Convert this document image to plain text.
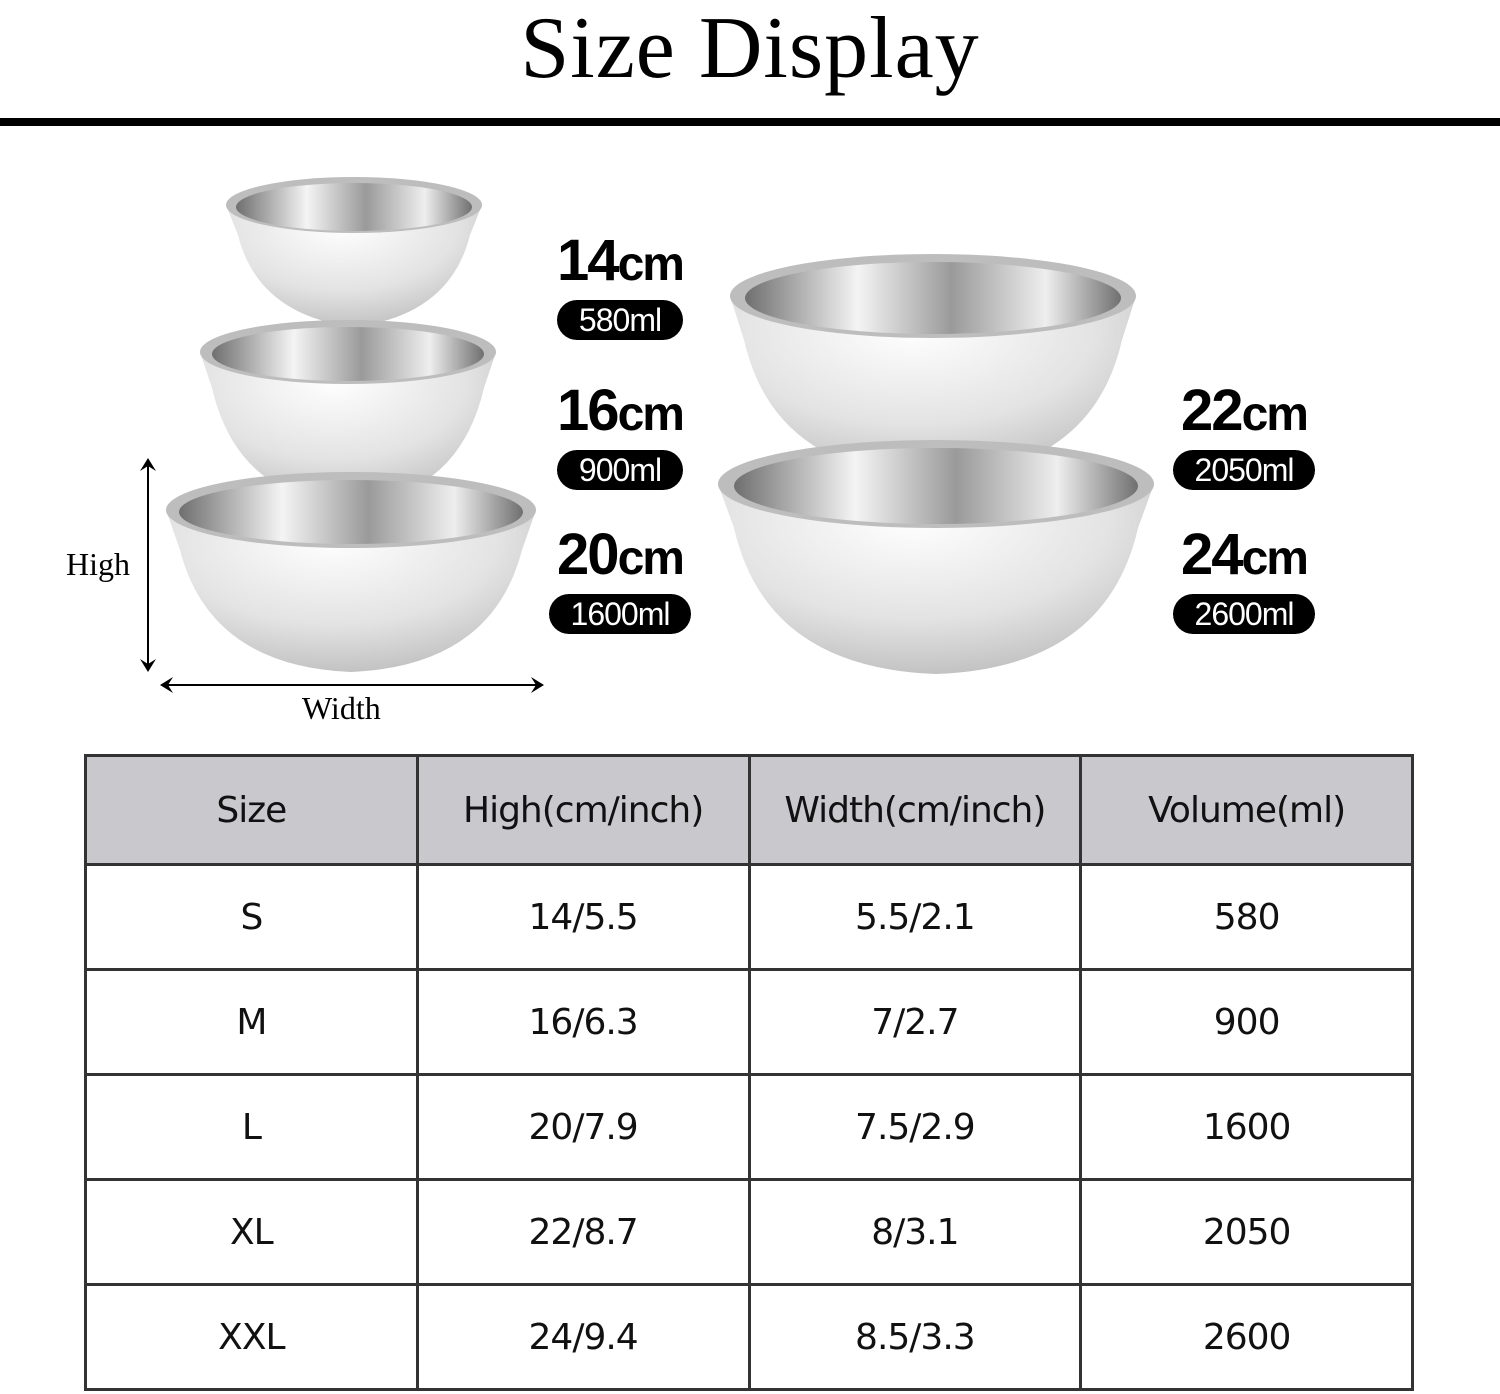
Size Display
14cm
580ml
16cm
900ml
20cm
1600ml
22cm
2050ml
24cm
2600ml
High
Width
Size	High(cm/inch)	Width(cm/inch)	Volume(ml)
S	14/5.5	5.5/2.1	580
M	16/6.3	7/2.7	900
L	20/7.9	7.5/2.9	1600
XL	22/8.7	8/3.1	2050
XXL	24/9.4	8.5/3.3	2600
